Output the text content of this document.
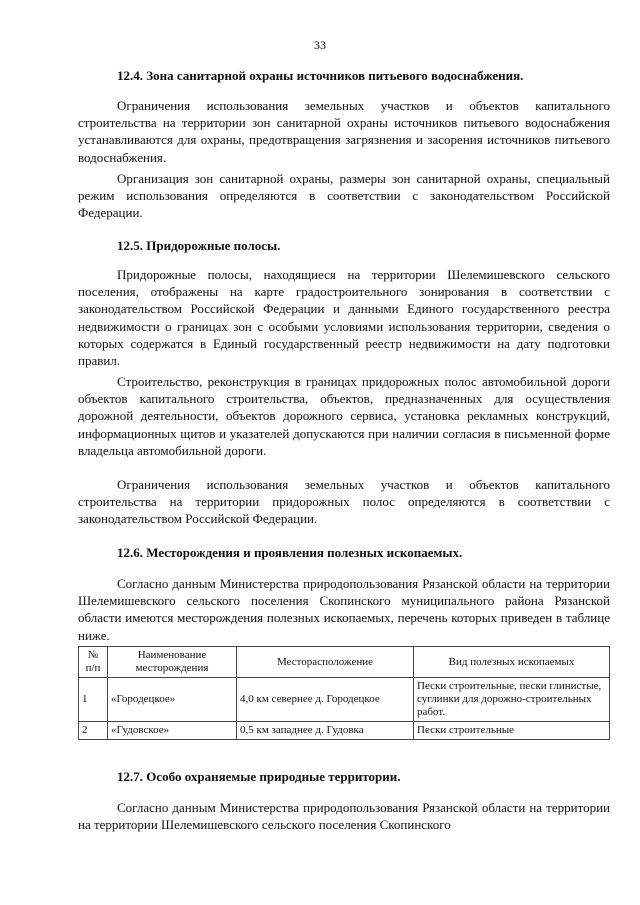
33
12.4. Зона санитарной охраны источников питьевого водоснабжения.
Ограничения использования земельных участков и объектов капитального строительства на территории зон санитарной охраны источников питьевого водоснабжения устанавливаются для охраны, предотвращения загрязнения и засорения источников питьевого водоснабжения.
Организация зон санитарной охраны, размеры зон санитарной охраны, специальный режим использования определяются в соответствии с законодательством Российской Федерации.
12.5. Придорожные полосы.
Придорожные полосы, находящиеся на территории Шелемишевского сельского поселения, отображены на карте градостроительного зонирования в соответствии с законодательством Российской Федерации и данными Единого государственного реестра недвижимости о границах зон с особыми условиями использования территории, сведения о которых содержатся в Единый государственный реестр недвижимости на дату подготовки правил.
Строительство, реконструкция в границах придорожных полос автомобильной дороги объектов капитального строительства, объектов, предназначенных для осуществления дорожной деятельности, объектов дорожного сервиса, установка рекламных конструкций, информационных щитов и указателей допускаются при наличии согласия в письменной форме владельца автомобильной дороги.
Ограничения использования земельных участков и объектов капитального строительства на территории придорожных полос определяются в соответствии с законодательством Российской Федерации.
12.6. Месторождения и проявления полезных ископаемых.
Согласно данным Министерства природопользования Рязанской области на территории Шелемишевского сельского поселения Скопинского муниципального района Рязанской области имеются месторождения полезных ископаемых, перечень которых приведен в таблице ниже.
№ п/п	Наименование месторождения	Месторасположение	Вид полезных ископаемых
1	«Городецкое»	4,0 км севернее д. Городецкое	Пески строительные, пески глинистые, суглинки для дорожно-строительных работ.
2	«Гудовское»	0,5 км западнее д. Гудовка	Пески строительные
12.7. Особо охраняемые природные территории.
Согласно данным Министерства природопользования Рязанской области на территории на территории Шелемишевского сельского поселения Скопинского
